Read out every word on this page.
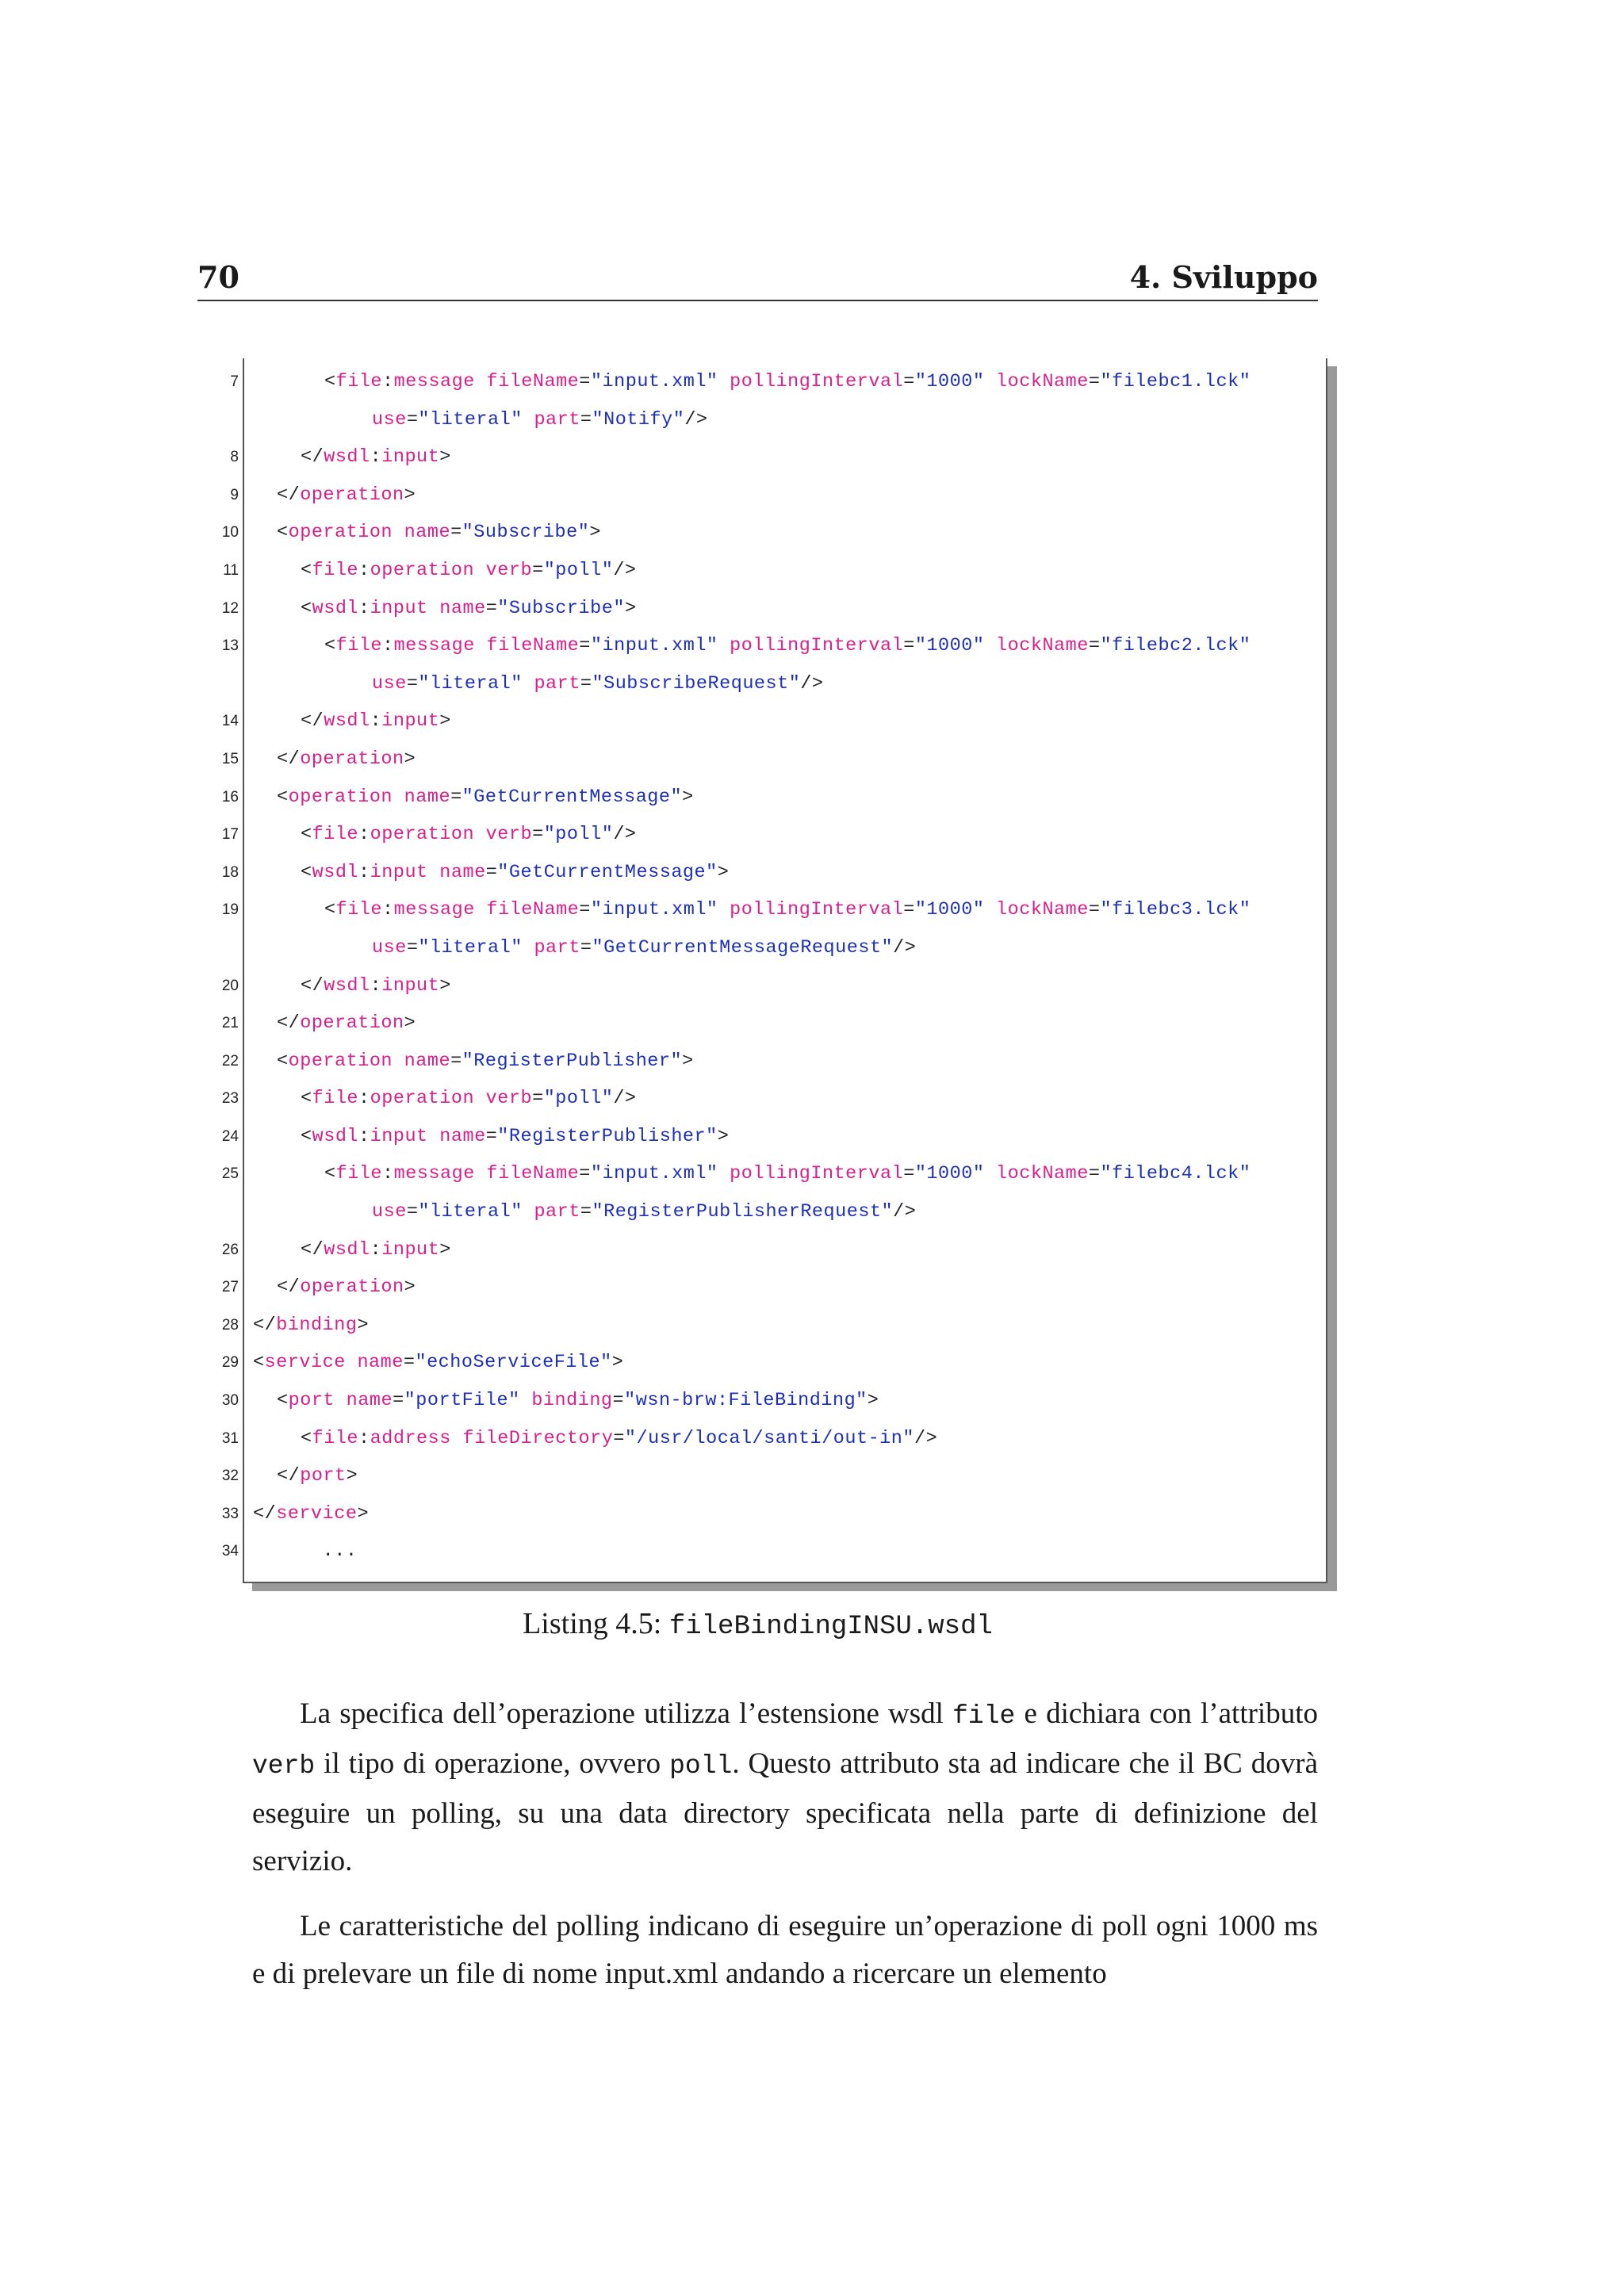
70	4. Sviluppo
7	<file:message fileName="input.xml" pollingInterval="1000" lockName="filebc1.lck"
use="literal" part="Notify"/>
8	</wsdl:input>
9 </operation>
10 <operation name="Subscribe">
11	<file:operation verb="poll"/>
12	<wsdl:input name="Subscribe">
13	<file:message fileName="input.xml" pollingInterval="1000" lockName="filebc2.lck"
use="literal" part="SubscribeRequest"/>
14	</wsdl:input>
15 </operation>
16 <operation name="GetCurrentMessage">
17	<file:operation verb="poll"/>
18	<wsdl:input name="GetCurrentMessage">
19	<file:message fileName="input.xml" pollingInterval="1000" lockName="filebc3.lck"
use="literal" part="GetCurrentMessageRequest"/>
20	</wsdl:input>
21 </operation>
22 <operation name="RegisterPublisher">
23	<file:operation verb="poll"/>
24	<wsdl:input name="RegisterPublisher">
25	<file:message fileName="input.xml" pollingInterval="1000" lockName="filebc4.lck"
use="literal" part="RegisterPublisherRequest"/>
26	</wsdl:input>
27 </operation>
28 </binding>
29 <service name="echoServiceFile">
30 <port name="portFile" binding="wsn-brw:FileBinding">
31	<file:address fileDirectory="/usr/local/santi/out-in"/>
32 </port>
33 </service>
34 ...
Listing 4.5: fileBindingINSU.wsdl

La specifica dell’operazione utilizza l’estensione wsdl file e dichiara con l’attributo verb il tipo di operazione, ovvero poll. Questo attributo sta ad indicare che il BC dovrà eseguire un polling, su una data directory specificata nella parte di definizione del servizio.

Le caratteristiche del polling indicano di eseguire un’operazione di poll ogni 1000 ms e di prelevare un file di nome input.xml andando a ricercare un elemento
